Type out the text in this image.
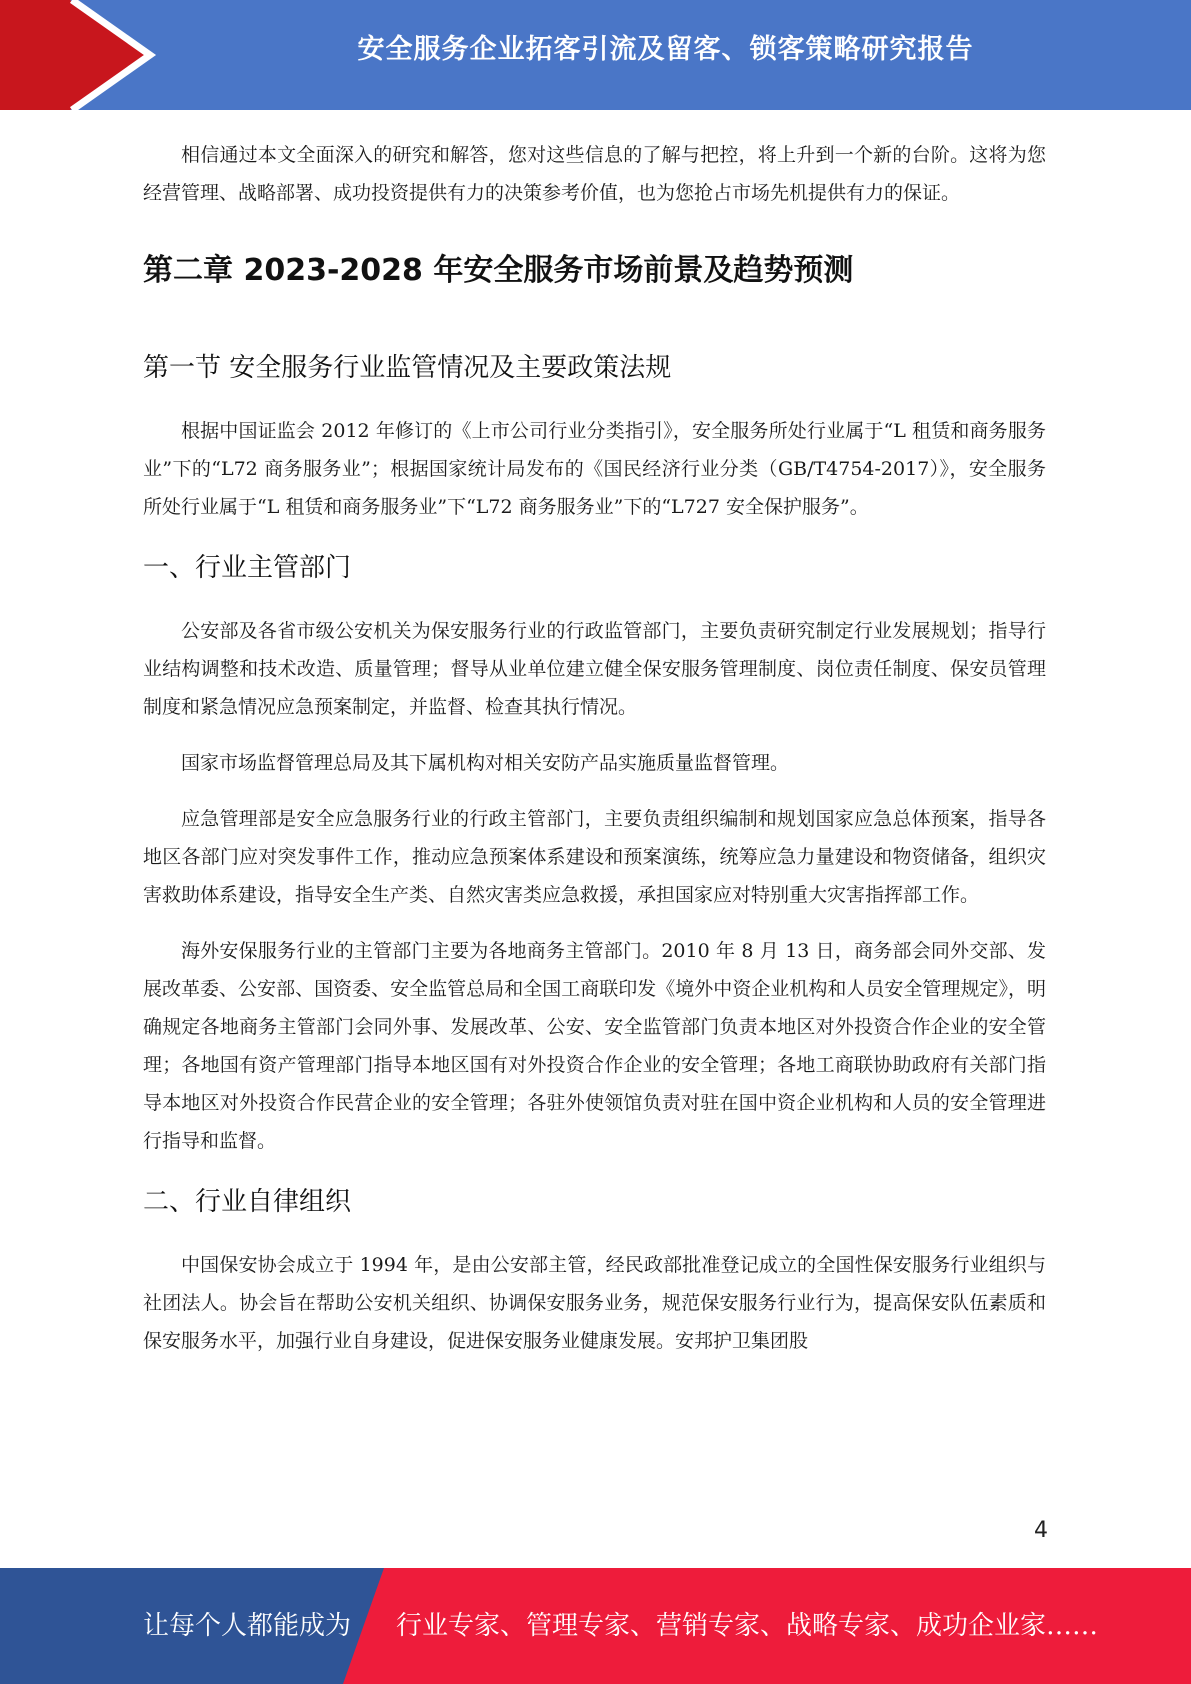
安全服务企业拓客引流及留客、锁客策略研究报告

相信通过本文全面深入的研究和解答，您对这些信息的了解与把控，将上升到一个新的台阶。这将为您经营管理、战略部署、成功投资提供有力的决策参考价值，也为您抢占市场先机提供有力的保证。

第二章 2023-2028 年安全服务市场前景及趋势预测
第一节 安全服务行业监管情况及主要政策法规

根据中国证监会 2012 年修订的《上市公司行业分类指引》，安全服务所处行业属于“L 租赁和商务服务业”下的“L72 商务服务业”；根据国家统计局发布的《国民经济行业分类（GB/T4754-2017）》，安全服务所处行业属于“L 租赁和商务服务业”下“L72 商务服务业”下的“L727 安全保护服务”。

一、行业主管部门

公安部及各省市级公安机关为保安服务行业的行政监管部门，主要负责研究制定行业发展规划；指导行业结构调整和技术改造、质量管理；督导从业单位建立健全保安服务管理制度、岗位责任制度、保安员管理制度和紧急情况应急预案制定，并监督、检查其执行情况。

国家市场监督管理总局及其下属机构对相关安防产品实施质量监督管理。

应急管理部是安全应急服务行业的行政主管部门，主要负责组织编制和规划国家应急总体预案，指导各地区各部门应对突发事件工作，推动应急预案体系建设和预案演练，统筹应急力量建设和物资储备，组织灾害救助体系建设，指导安全生产类、自然灾害类应急救援，承担国家应对特别重大灾害指挥部工作。

海外安保服务行业的主管部门主要为各地商务主管部门。2010 年 8 月 13 日，商务部会同外交部、发展改革委、公安部、国资委、安全监管总局和全国工商联印发《境外中资企业机构和人员安全管理规定》，明确规定各地商务主管部门会同外事、发展改革、公安、安全监管部门负责本地区对外投资合作企业的安全管理；各地国有资产管理部门指导本地区国有对外投资合作企业的安全管理；各地工商联协助政府有关部门指导本地区对外投资合作民营企业的安全管理；各驻外使领馆负责对驻在国中资企业机构和人员的安全管理进行指导和监督。

二、行业自律组织

中国保安协会成立于 1994 年，是由公安部主管，经民政部批准登记成立的全国性保安服务行业组织与社团法人。协会旨在帮助公安机关组织、协调保安服务业务，规范保安服务行业行为，提高保安队伍素质和保安服务水平，加强行业自身建设，促进保安服务业健康发展。安邦护卫集团股

4
让每个人都能成为 行业专家、管理专家、营销专家、战略专家、成功企业家……
